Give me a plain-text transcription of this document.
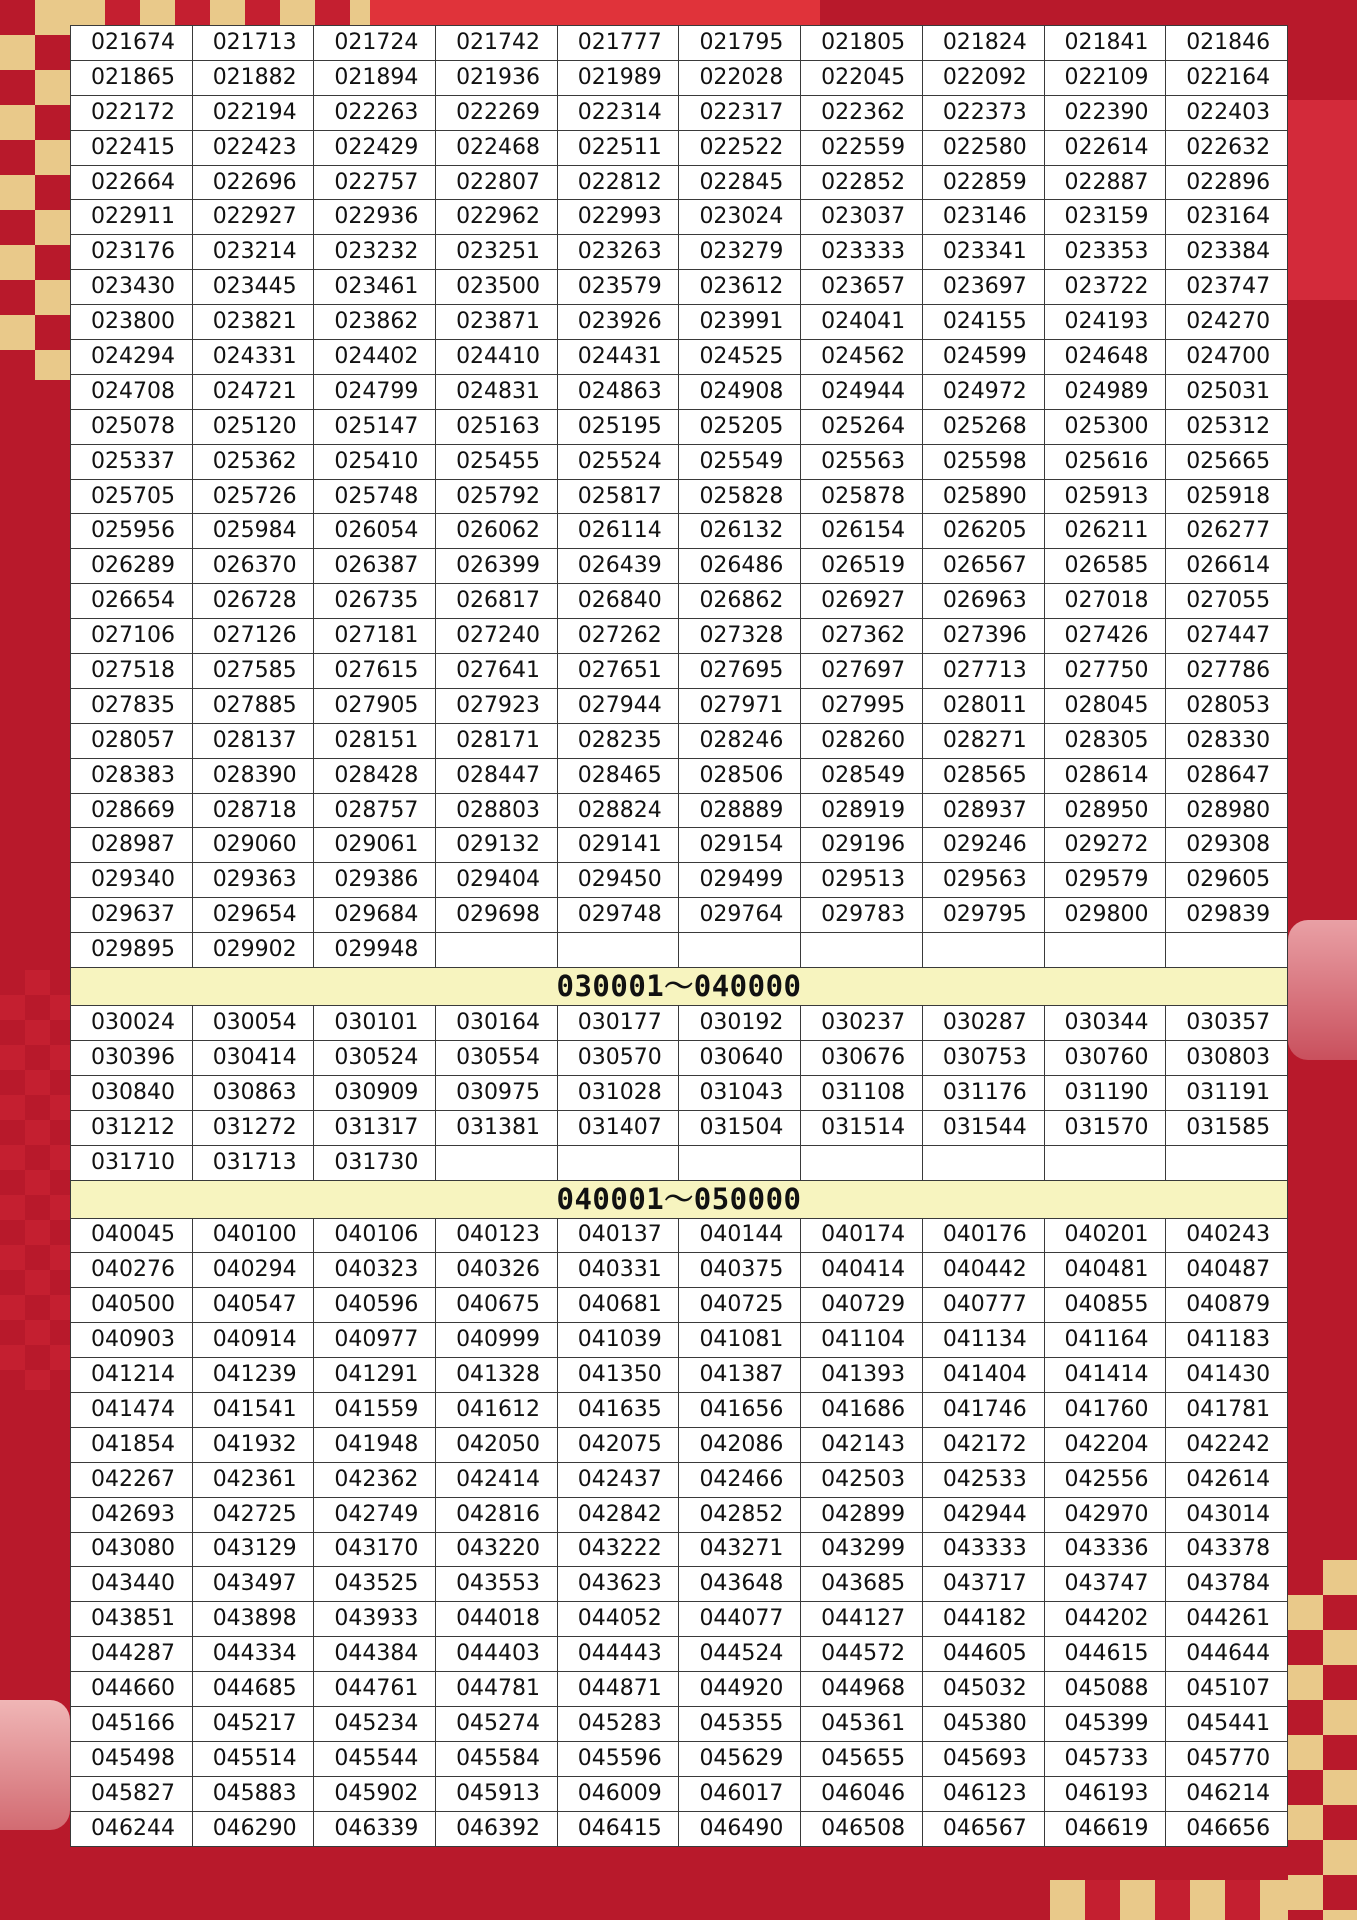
021674	021713	021724	021742	021777	021795	021805	021824	021841	021846
021865	021882	021894	021936	021989	022028	022045	022092	022109	022164
022172	022194	022263	022269	022314	022317	022362	022373	022390	022403
022415	022423	022429	022468	022511	022522	022559	022580	022614	022632
022664	022696	022757	022807	022812	022845	022852	022859	022887	022896
022911	022927	022936	022962	022993	023024	023037	023146	023159	023164
023176	023214	023232	023251	023263	023279	023333	023341	023353	023384
023430	023445	023461	023500	023579	023612	023657	023697	023722	023747
023800	023821	023862	023871	023926	023991	024041	024155	024193	024270
024294	024331	024402	024410	024431	024525	024562	024599	024648	024700
024708	024721	024799	024831	024863	024908	024944	024972	024989	025031
025078	025120	025147	025163	025195	025205	025264	025268	025300	025312
025337	025362	025410	025455	025524	025549	025563	025598	025616	025665
025705	025726	025748	025792	025817	025828	025878	025890	025913	025918
025956	025984	026054	026062	026114	026132	026154	026205	026211	026277
026289	026370	026387	026399	026439	026486	026519	026567	026585	026614
026654	026728	026735	026817	026840	026862	026927	026963	027018	027055
027106	027126	027181	027240	027262	027328	027362	027396	027426	027447
027518	027585	027615	027641	027651	027695	027697	027713	027750	027786
027835	027885	027905	027923	027944	027971	027995	028011	028045	028053
028057	028137	028151	028171	028235	028246	028260	028271	028305	028330
028383	028390	028428	028447	028465	028506	028549	028565	028614	028647
028669	028718	028757	028803	028824	028889	028919	028937	028950	028980
028987	029060	029061	029132	029141	029154	029196	029246	029272	029308
029340	029363	029386	029404	029450	029499	029513	029563	029579	029605
029637	029654	029684	029698	029748	029764	029783	029795	029800	029839
029895	029902	029948							
030001～040000									
030024	030054	030101	030164	030177	030192	030237	030287	030344	030357
030396	030414	030524	030554	030570	030640	030676	030753	030760	030803
030840	030863	030909	030975	031028	031043	031108	031176	031190	031191
031212	031272	031317	031381	031407	031504	031514	031544	031570	031585
031710	031713	031730							
040001～050000									
040045	040100	040106	040123	040137	040144	040174	040176	040201	040243
040276	040294	040323	040326	040331	040375	040414	040442	040481	040487
040500	040547	040596	040675	040681	040725	040729	040777	040855	040879
040903	040914	040977	040999	041039	041081	041104	041134	041164	041183
041214	041239	041291	041328	041350	041387	041393	041404	041414	041430
041474	041541	041559	041612	041635	041656	041686	041746	041760	041781
041854	041932	041948	042050	042075	042086	042143	042172	042204	042242
042267	042361	042362	042414	042437	042466	042503	042533	042556	042614
042693	042725	042749	042816	042842	042852	042899	042944	042970	043014
043080	043129	043170	043220	043222	043271	043299	043333	043336	043378
043440	043497	043525	043553	043623	043648	043685	043717	043747	043784
043851	043898	043933	044018	044052	044077	044127	044182	044202	044261
044287	044334	044384	044403	044443	044524	044572	044605	044615	044644
044660	044685	044761	044781	044871	044920	044968	045032	045088	045107
045166	045217	045234	045274	045283	045355	045361	045380	045399	045441
045498	045514	045544	045584	045596	045629	045655	045693	045733	045770
045827	045883	045902	045913	046009	046017	046046	046123	046193	046214
046244	046290	046339	046392	046415	046490	046508	046567	046619	046656
